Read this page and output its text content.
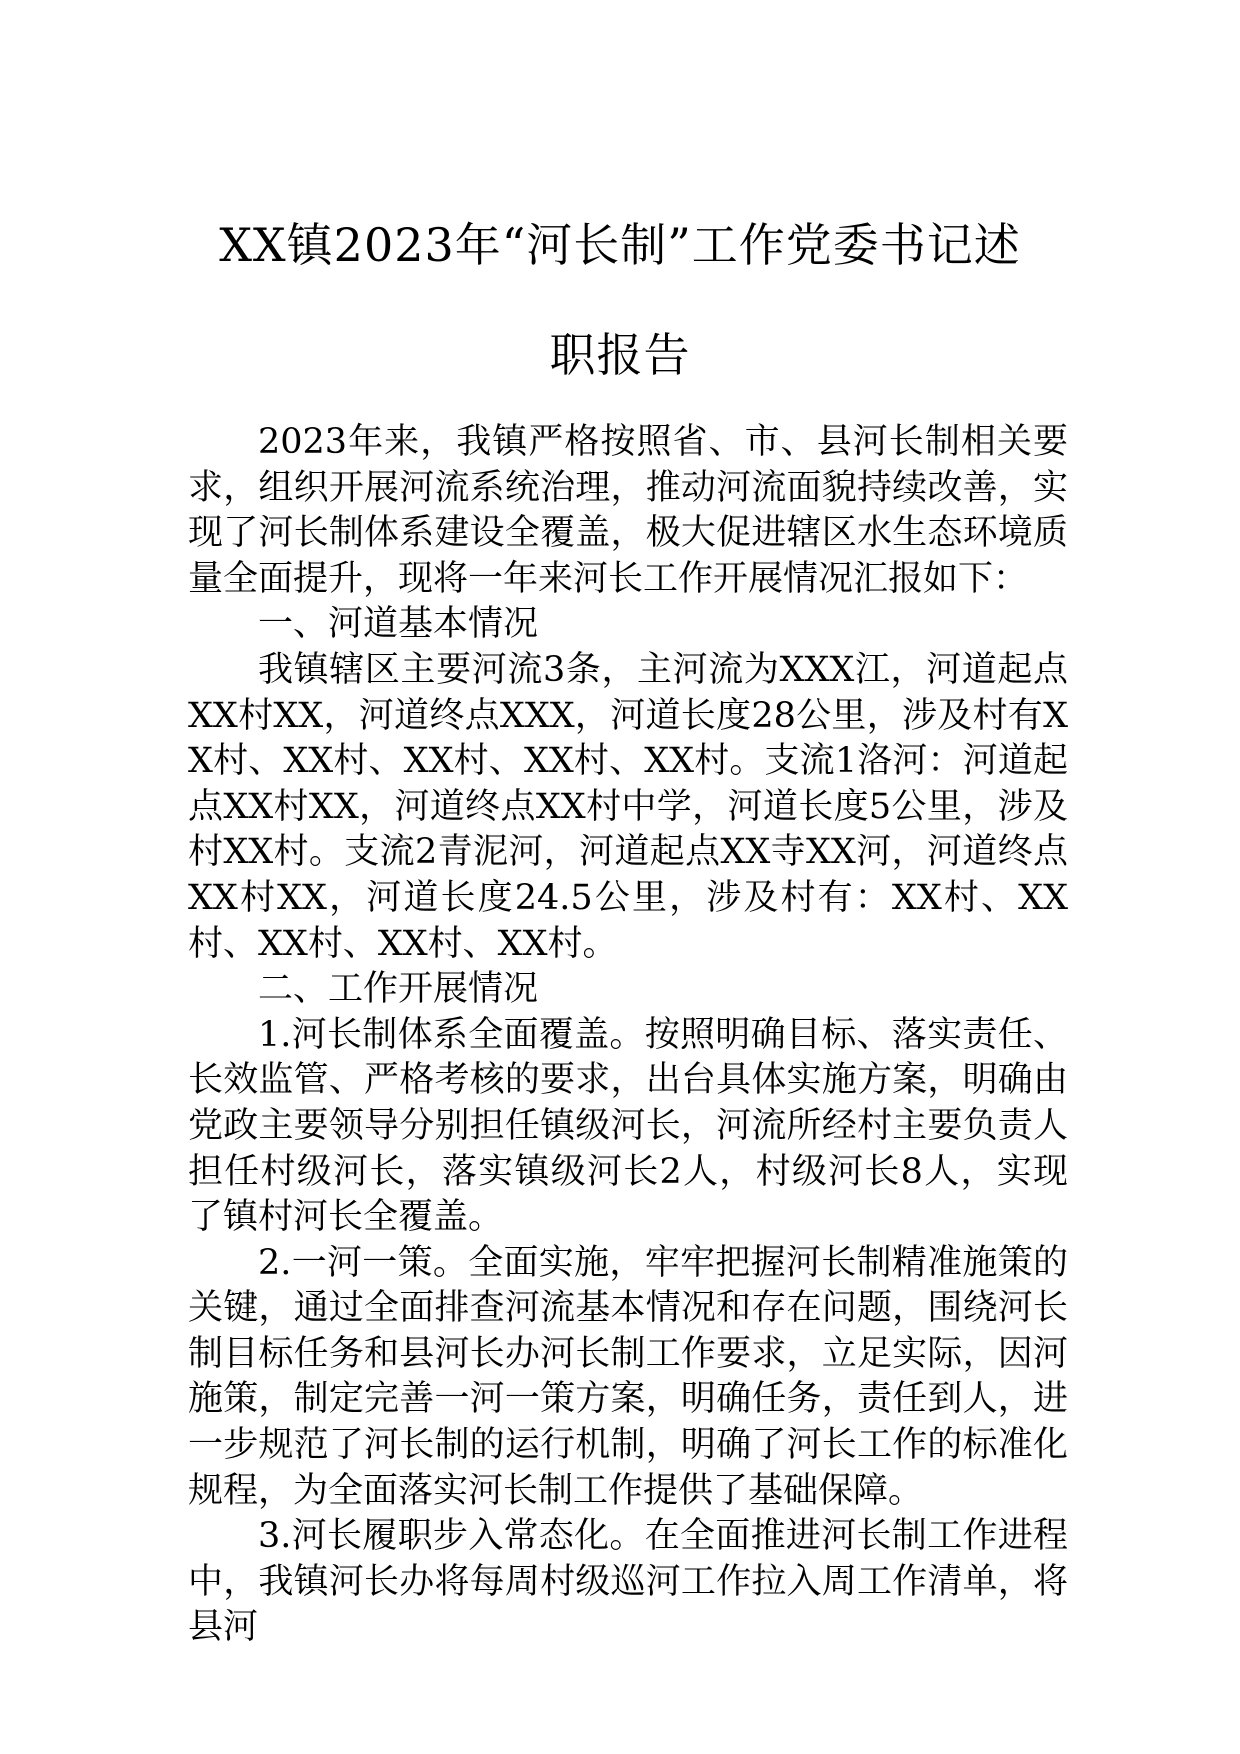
XX镇2023年“河长制”工作党委书记述
职报告

2023年来，我镇严格按照省、市、县河长制相关要求，组织开展河流系统治理，推动河流面貌持续改善，实现了河长制体系建设全覆盖，极大促进辖区水生态环境质量全面提升，现将一年来河长工作开展情况汇报如下：

一、河道基本情况

我镇辖区主要河流3条，主河流为XXX江，河道起点XX村XX，河道终点XXX，河道长度28公里，涉及村有XX村、XX村、XX村、XX村、XX村。支流1洛河：河道起点XX村XX，河道终点XX村中学，河道长度5公里，涉及村XX村。支流2青泥河，河道起点XX寺XX河，河道终点XX村XX，河道长度24.5公里，涉及村有：XX村、XX村、XX村、XX村、XX村。

二、工作开展情况

1.河长制体系全面覆盖。按照明确目标、落实责任、长效监管、严格考核的要求，出台具体实施方案，明确由党政主要领导分别担任镇级河长，河流所经村主要负责人担任村级河长，落实镇级河长2人，村级河长8人，实现了镇村河长全覆盖。

2.一河一策。全面实施，牢牢把握河长制精准施策的关键，通过全面排查河流基本情况和存在问题，围绕河长制目标任务和县河长办河长制工作要求，立足实际，因河施策，制定完善一河一策方案，明确任务，责任到人，进一步规范了河长制的运行机制，明确了河长工作的标准化规程，为全面落实河长制工作提供了基础保障。

3.河长履职步入常态化。在全面推进河长制工作进程中，我镇河长办将每周村级巡河工作拉入周工作清单，将县河
